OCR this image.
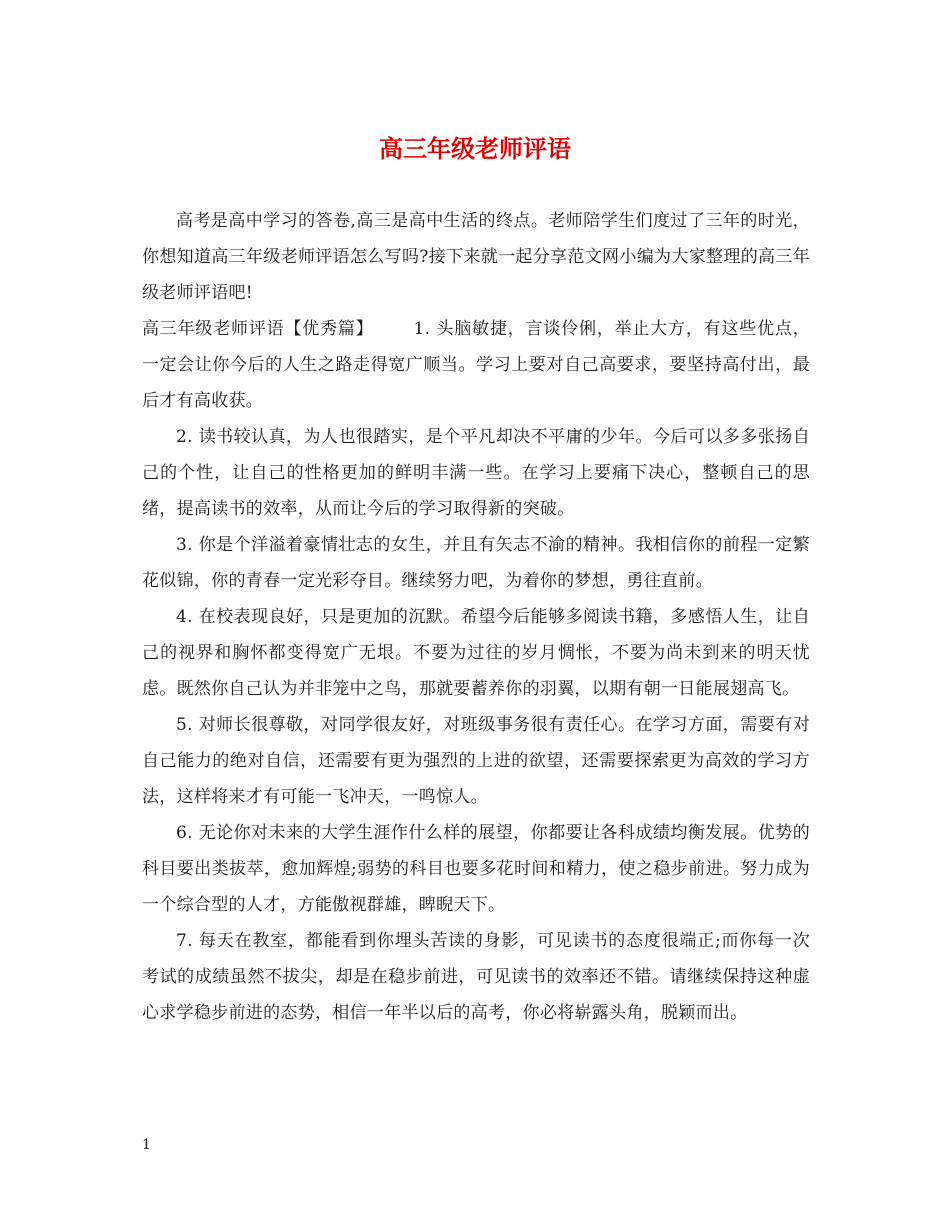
高三年级老师评语

高考是高中学习的答卷,高三是高中生活的终点。老师陪学生们度过了三年的时光，你想知道高三年级老师评语怎么写吗?接下来就一起分享范文网小编为大家整理的高三年级老师评语吧!

高三年级老师评语【优秀篇】 1. 头脑敏捷，言谈伶俐，举止大方，有这些优点，一定会让你今后的人生之路走得宽广顺当。学习上要对自己高要求，要坚持高付出，最后才有高收获。

2. 读书较认真，为人也很踏实，是个平凡却决不平庸的少年。今后可以多多张扬自己的个性，让自己的性格更加的鲜明丰满一些。在学习上要痛下决心，整顿自己的思绪，提高读书的效率，从而让今后的学习取得新的突破。

3. 你是个洋溢着豪情壮志的女生，并且有矢志不渝的精神。我相信你的前程一定繁花似锦，你的青春一定光彩夺目。继续努力吧，为着你的梦想，勇往直前。

4. 在校表现良好，只是更加的沉默。希望今后能够多阅读书籍，多感悟人生，让自己的视界和胸怀都变得宽广无垠。不要为过往的岁月惆怅，不要为尚未到来的明天忧虑。既然你自己认为并非笼中之鸟，那就要蓄养你的羽翼，以期有朝一日能展翅高飞。

5. 对师长很尊敬，对同学很友好，对班级事务很有责任心。在学习方面，需要有对自己能力的绝对自信，还需要有更为强烈的上进的欲望，还需要探索更为高效的学习方法，这样将来才有可能一飞冲天，一鸣惊人。

6. 无论你对未来的大学生涯作什么样的展望，你都要让各科成绩均衡发展。优势的科目要出类拔萃，愈加辉煌;弱势的科目也要多花时间和精力，使之稳步前进。努力成为一个综合型的人才，方能傲视群雄，睥睨天下。

7. 每天在教室，都能看到你埋头苦读的身影，可见读书的态度很端正;而你每一次考试的成绩虽然不拔尖，却是在稳步前进，可见读书的效率还不错。请继续保持这种虚心求学稳步前进的态势，相信一年半以后的高考，你必将崭露头角，脱颖而出。

1
